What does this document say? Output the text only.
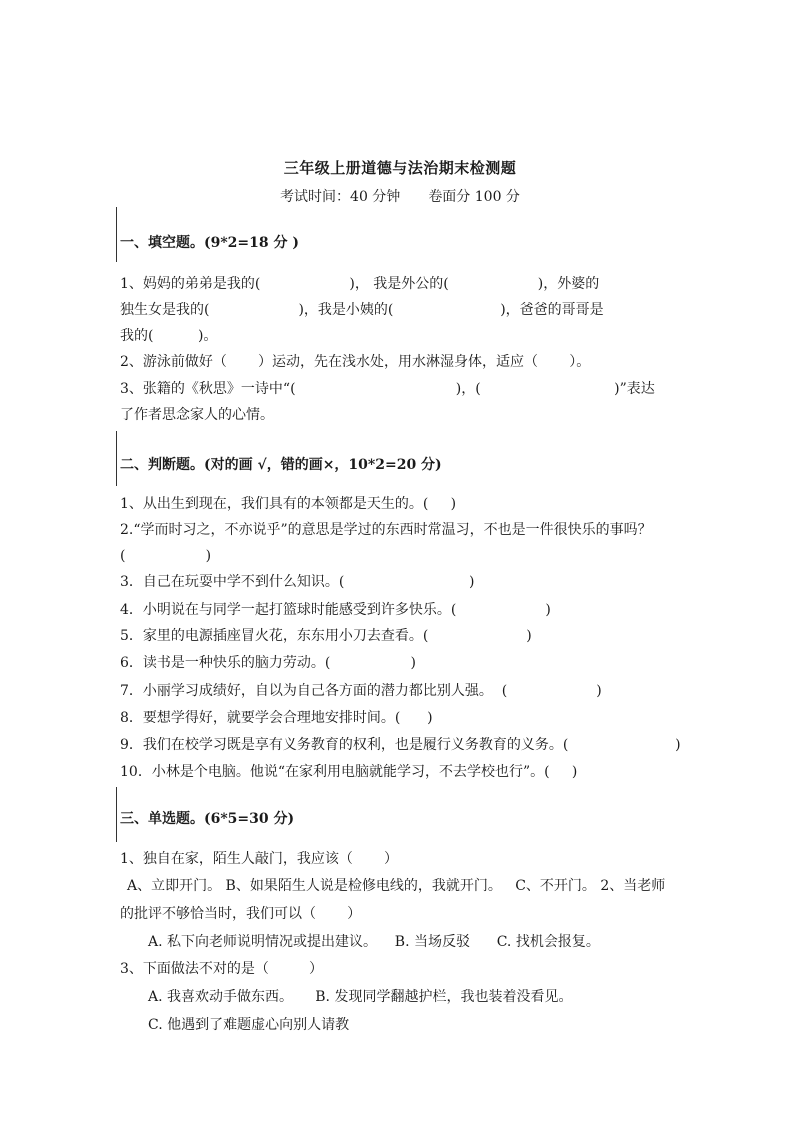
三年级上册道德与法治期末检测题
考试时间：40 分钟 卷面分 100 分
一、填空题。(9*2=18 分 )
1、妈妈的弟弟是我的(                    )， 我是外公的(                    )，外婆的
独生女是我的(                    )，我是小姨的(                        )，爸爸的哥哥是
我的(          )。
2、游泳前做好（       ）运动，先在浅水处，用水淋湿身体，适应（       ）。
3、张籍的《秋思》一诗中“(                                    )，(                              )”表达
了作者思念家人的心情。
二、判断题。(对的画 √，错的画×，10*2=20 分)
1、从出生到现在，我们具有的本领都是天生的。(     )
2.“学而时习之，不亦说乎”的意思是学过的东西时常温习，不也是一件很快乐的事吗？
(                  )
3．自己在玩耍中学不到什么知识。(                            )
4．小明说在与同学一起打篮球时能感受到许多快乐。(                    )
5．家里的电源插座冒火花，东东用小刀去查看。(                      )
6．读书是一种快乐的脑力劳动。(                  )
7．小丽学习成绩好，自以为自己各方面的潜力都比别人强。  (                    )
8．要想学得好，就要学会合理地安排时间。(      )
9．我们在校学习既是享有义务教育的权利，也是履行义务教育的义务。(                        )
10．小林是个电脑。他说“在家利用电脑就能学习，不去学校也行”。(     )
三、单选题。(6*5=30 分)
1、独自在家，陌生人敲门，我应该（       ）
A、立即开门。 B、如果陌生人说是检修电线的，我就开门。   C、不开门。 2、当老师
的批评不够恰当时，我们可以（       ）
A. 私下向老师说明情况或提出建议。    B. 当场反驳      C. 找机会报复。
3、下面做法不对的是（         ）
A. 我喜欢动手做东西。     B. 发现同学翻越护栏，我也装着没看见。
C. 他遇到了难题虚心向别人请教
